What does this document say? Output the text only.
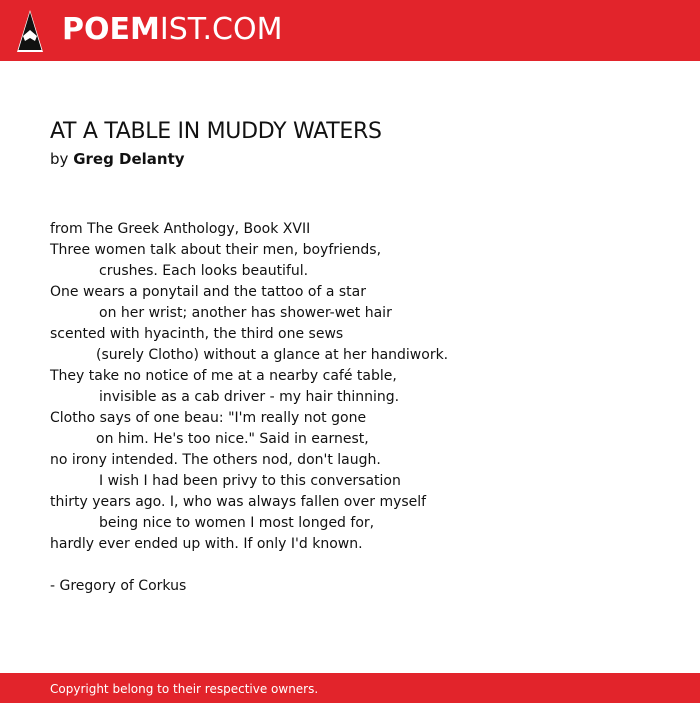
POEMIST.COM
AT A TABLE IN MUDDY WATERS
by Greg Delanty
from The Greek Anthology, Book XVII
Three women talk about their men, boyfriends,
crushes. Each looks beautiful.
One wears a ponytail and the tattoo of a star
on her wrist; another has shower-wet hair
scented with hyacinth, the third one sews
(surely Clotho) without a glance at her handiwork.
They take no notice of me at a nearby café table,
invisible as a cab driver - my hair thinning.
Clotho says of one beau: "I'm really not gone
on him. He's too nice." Said in earnest,
no irony intended. The others nod, don't laugh.
I wish I had been privy to this conversation
thirty years ago. I, who was always fallen over myself
being nice to women I most longed for,
hardly ever ended up with. If only I'd known.
- Gregory of Corkus
Copyright belong to their respective owners.
